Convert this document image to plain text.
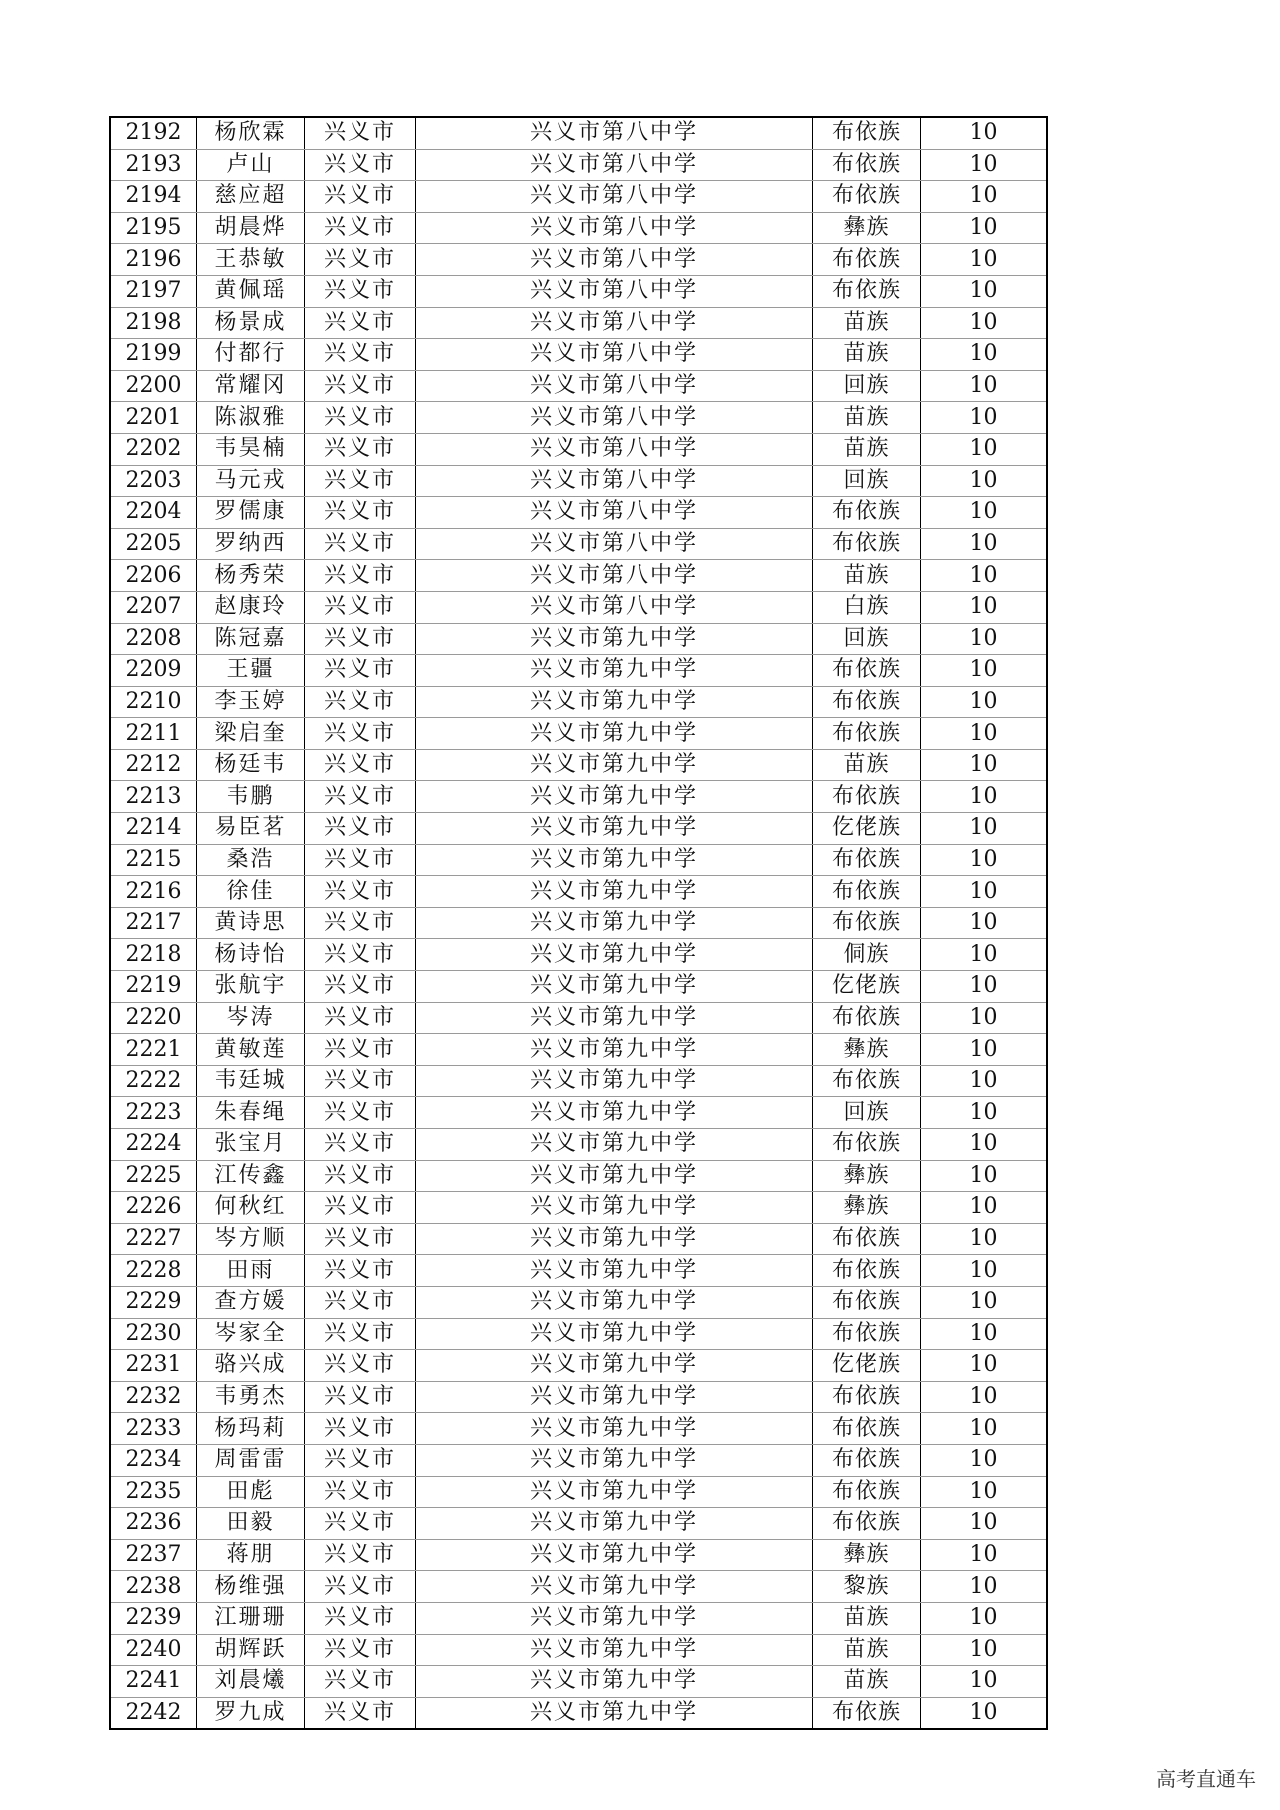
2192	杨欣霖	兴义市	兴义市第八中学	布依族	10
2193	卢山	兴义市	兴义市第八中学	布依族	10
2194	慈应超	兴义市	兴义市第八中学	布依族	10
2195	胡晨烨	兴义市	兴义市第八中学	彝族	10
2196	王恭敏	兴义市	兴义市第八中学	布依族	10
2197	黄佩瑶	兴义市	兴义市第八中学	布依族	10
2198	杨景成	兴义市	兴义市第八中学	苗族	10
2199	付都行	兴义市	兴义市第八中学	苗族	10
2200	常耀冈	兴义市	兴义市第八中学	回族	10
2201	陈淑雅	兴义市	兴义市第八中学	苗族	10
2202	韦昊楠	兴义市	兴义市第八中学	苗族	10
2203	马元戎	兴义市	兴义市第八中学	回族	10
2204	罗儒康	兴义市	兴义市第八中学	布依族	10
2205	罗纳西	兴义市	兴义市第八中学	布依族	10
2206	杨秀荣	兴义市	兴义市第八中学	苗族	10
2207	赵康玲	兴义市	兴义市第八中学	白族	10
2208	陈冠嘉	兴义市	兴义市第九中学	回族	10
2209	王疆	兴义市	兴义市第九中学	布依族	10
2210	李玉婷	兴义市	兴义市第九中学	布依族	10
2211	梁启奎	兴义市	兴义市第九中学	布依族	10
2212	杨廷韦	兴义市	兴义市第九中学	苗族	10
2213	韦鹏	兴义市	兴义市第九中学	布依族	10
2214	易臣茗	兴义市	兴义市第九中学	仡佬族	10
2215	桑浩	兴义市	兴义市第九中学	布依族	10
2216	徐佳	兴义市	兴义市第九中学	布依族	10
2217	黄诗思	兴义市	兴义市第九中学	布依族	10
2218	杨诗怡	兴义市	兴义市第九中学	侗族	10
2219	张航宇	兴义市	兴义市第九中学	仡佬族	10
2220	岑涛	兴义市	兴义市第九中学	布依族	10
2221	黄敏莲	兴义市	兴义市第九中学	彝族	10
2222	韦廷城	兴义市	兴义市第九中学	布依族	10
2223	朱春绳	兴义市	兴义市第九中学	回族	10
2224	张宝月	兴义市	兴义市第九中学	布依族	10
2225	江传鑫	兴义市	兴义市第九中学	彝族	10
2226	何秋红	兴义市	兴义市第九中学	彝族	10
2227	岑方顺	兴义市	兴义市第九中学	布依族	10
2228	田雨	兴义市	兴义市第九中学	布依族	10
2229	查方媛	兴义市	兴义市第九中学	布依族	10
2230	岑家全	兴义市	兴义市第九中学	布依族	10
2231	骆兴成	兴义市	兴义市第九中学	仡佬族	10
2232	韦勇杰	兴义市	兴义市第九中学	布依族	10
2233	杨玛莉	兴义市	兴义市第九中学	布依族	10
2234	周雷雷	兴义市	兴义市第九中学	布依族	10
2235	田彪	兴义市	兴义市第九中学	布依族	10
2236	田毅	兴义市	兴义市第九中学	布依族	10
2237	蒋朋	兴义市	兴义市第九中学	彝族	10
2238	杨维强	兴义市	兴义市第九中学	黎族	10
2239	江珊珊	兴义市	兴义市第九中学	苗族	10
2240	胡辉跃	兴义市	兴义市第九中学	苗族	10
2241	刘晨爔	兴义市	兴义市第九中学	苗族	10
2242	罗九成	兴义市	兴义市第九中学	布依族	10
高考直通车
